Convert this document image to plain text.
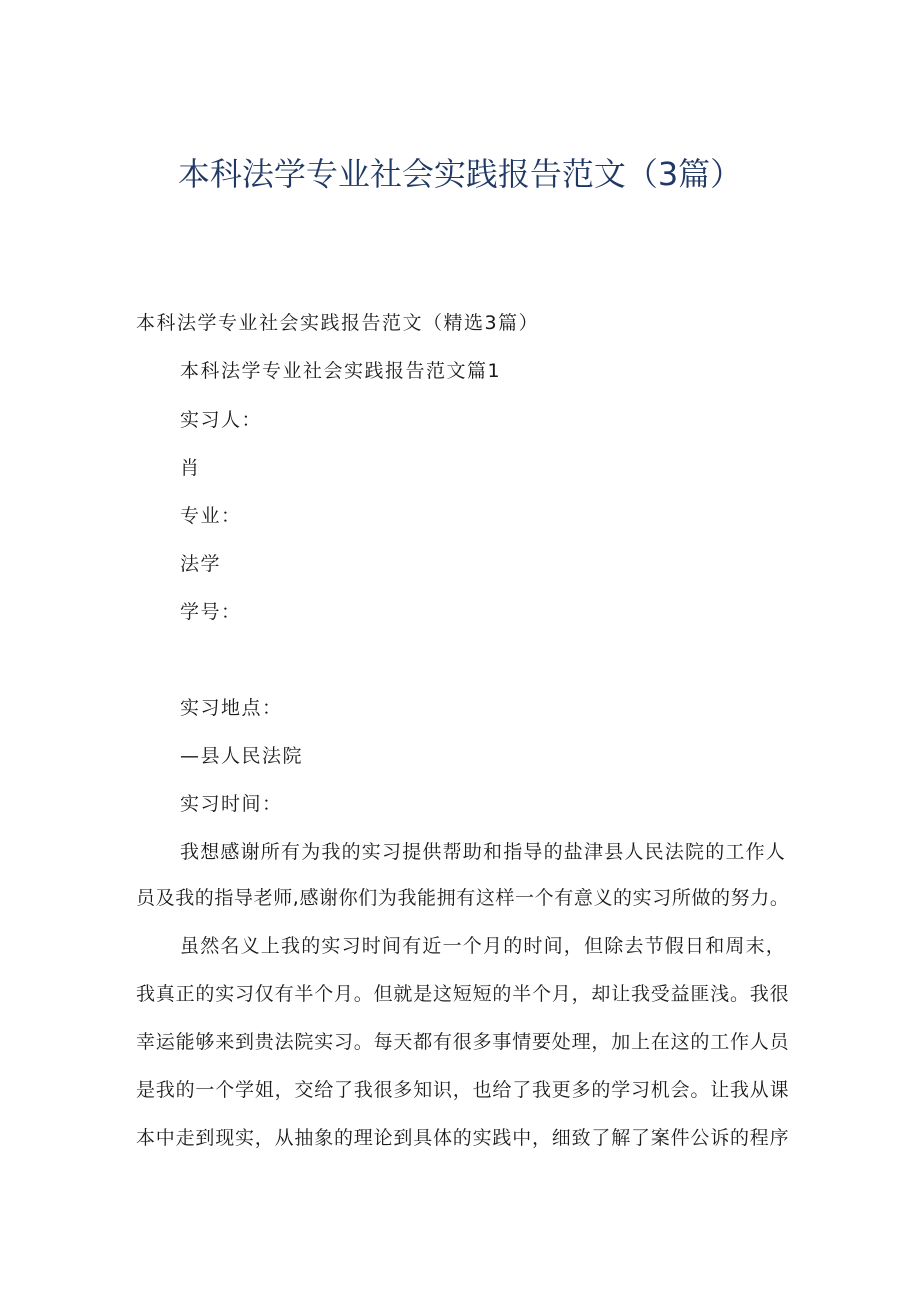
本科法学专业社会实践报告范文（3篇）
本科法学专业社会实践报告范文（精选3篇）
本科法学专业社会实践报告范文篇1
实习人：
肖
专业：
法学
学号：
实习地点：
—县人民法院
实习时间：
我想感谢所有为我的实习提供帮助和指导的盐津县人民法院的工作人
员及我的指导老师,感谢你们为我能拥有这样一个有意义的实习所做的努力。
虽然名义上我的实习时间有近一个月的时间，但除去节假日和周末，
我真正的实习仅有半个月。但就是这短短的半个月，却让我受益匪浅。我很
幸运能够来到贵法院实习。每天都有很多事情要处理，加上在这的工作人员
是我的一个学姐，交给了我很多知识，也给了我更多的学习机会。让我从课
本中走到现实，从抽象的理论到具体的实践中，细致了解了案件公诉的程序
